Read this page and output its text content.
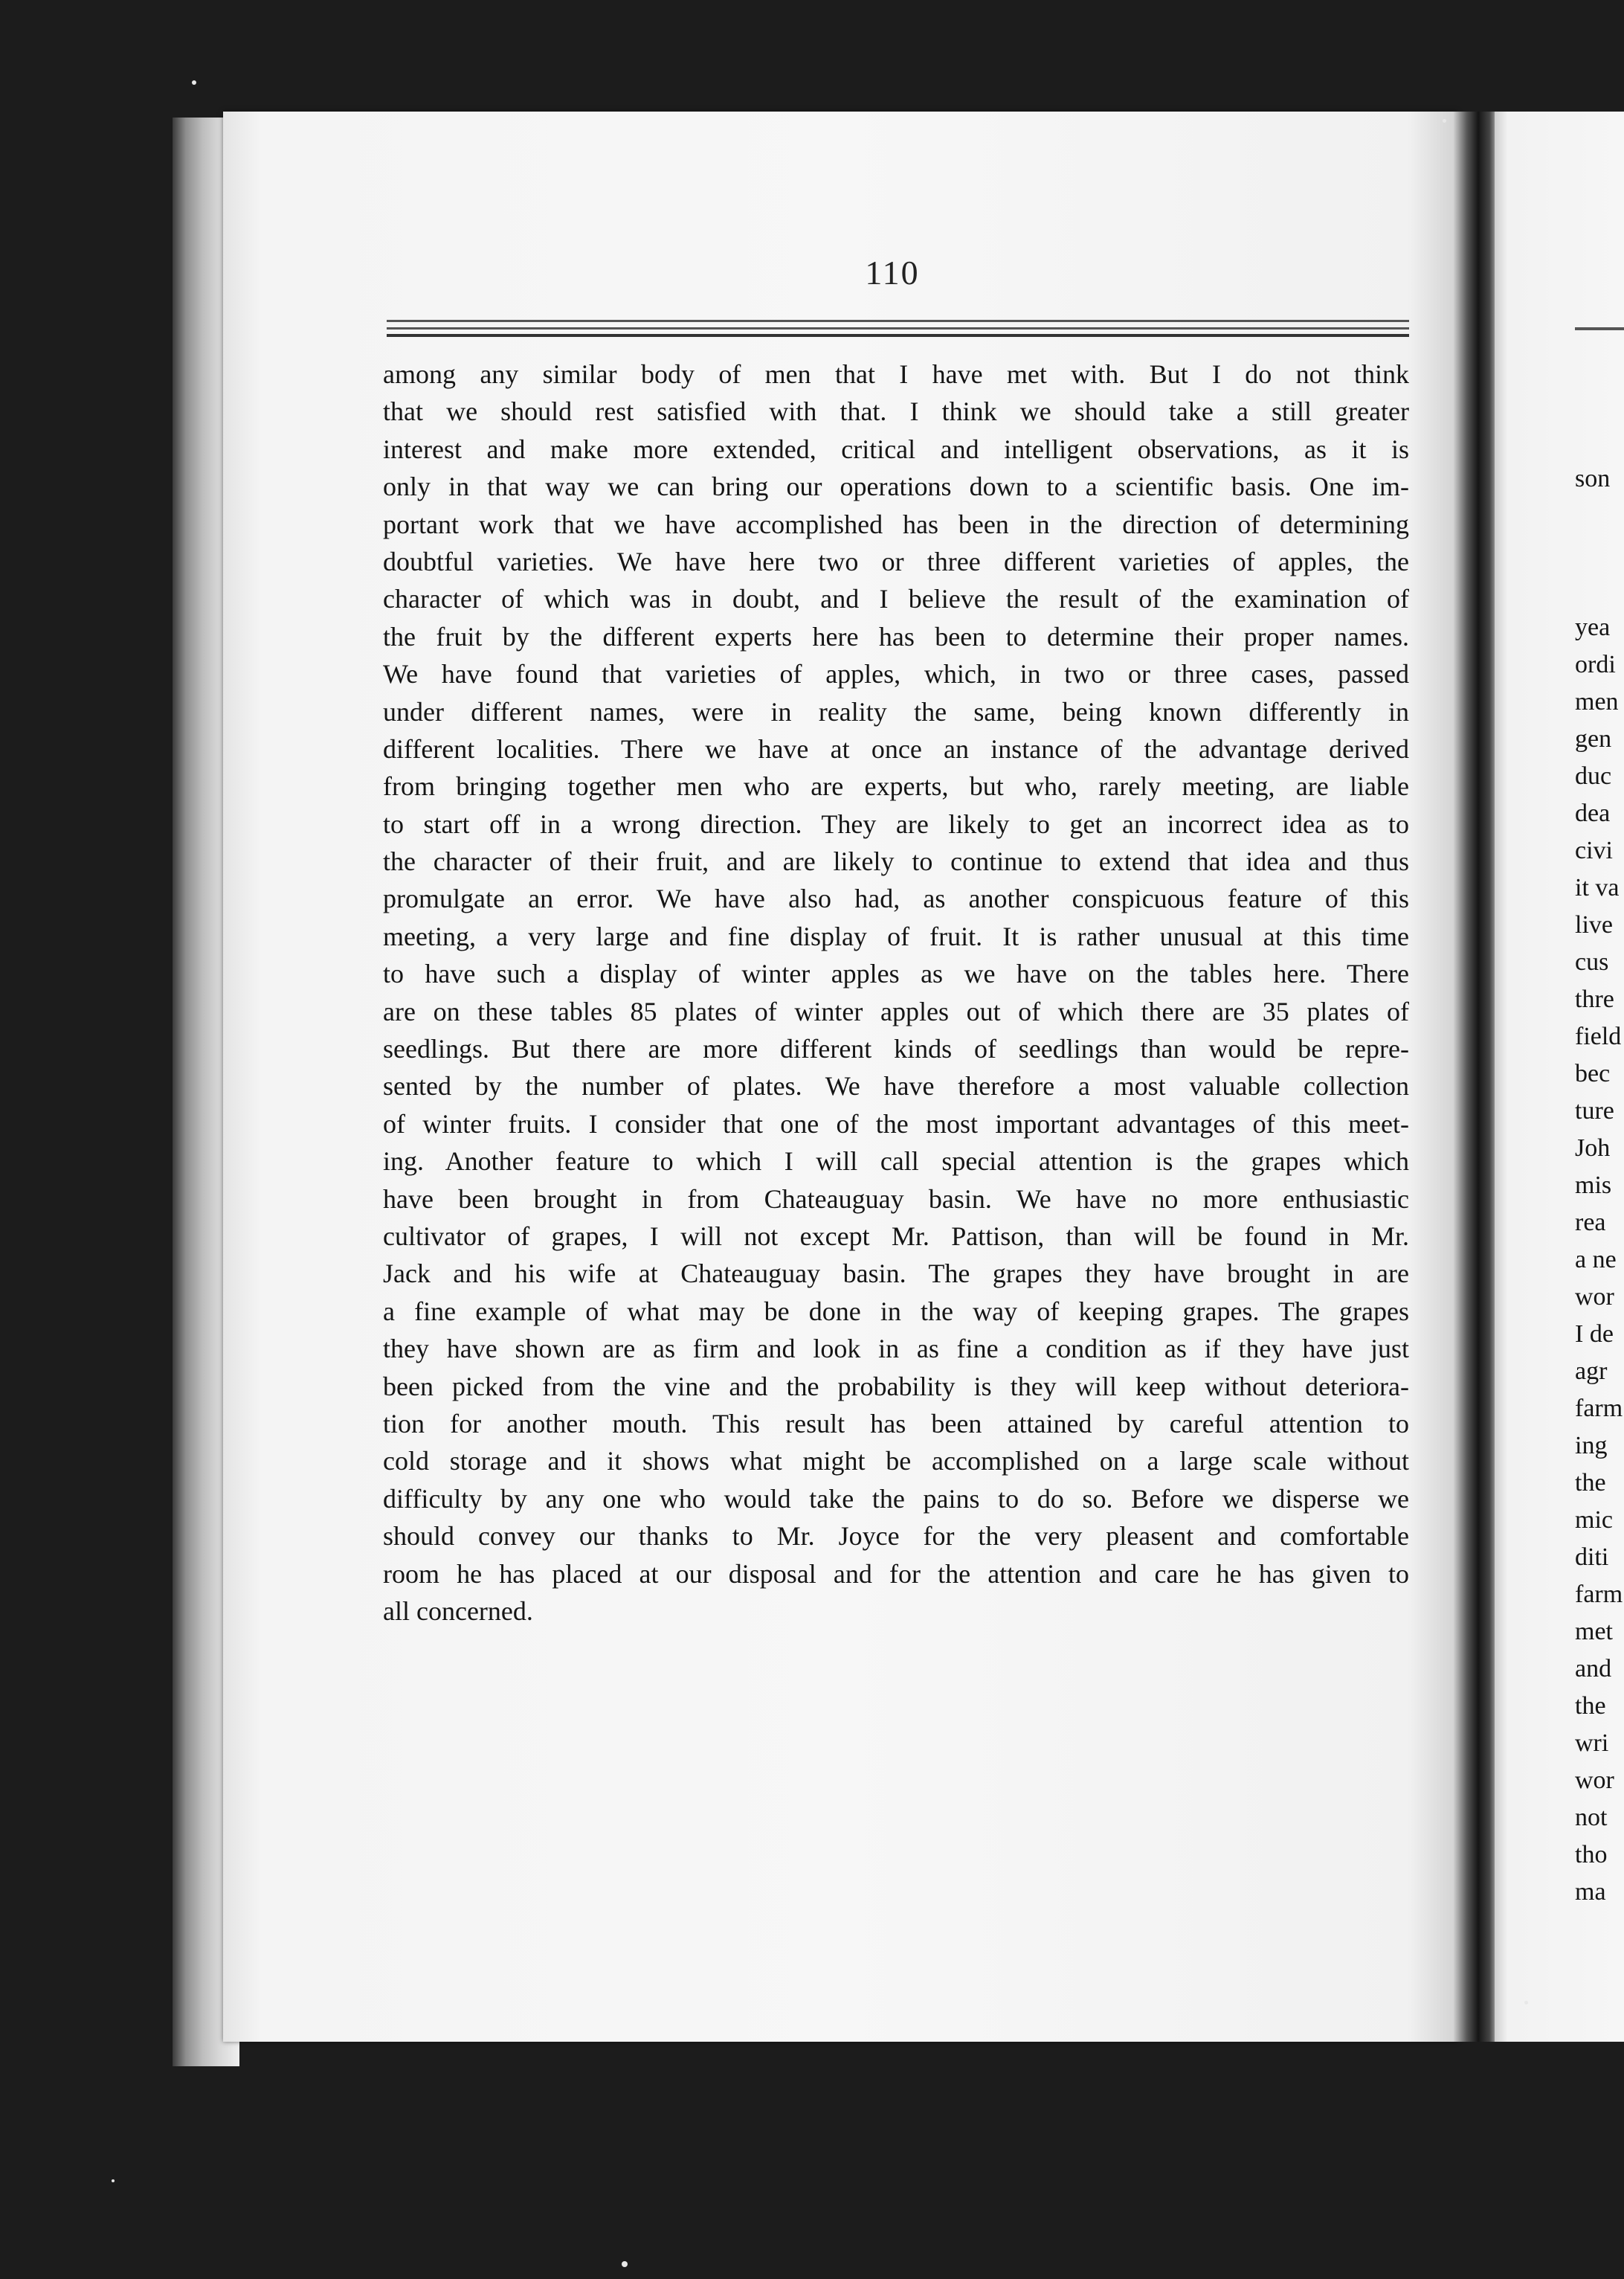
110
among any similar body of men that I have met with. But I do not think
that we should rest satisfied with that. I think we should take a still greater
interest and make more extended, critical and intelligent observations, as it is
only in that way we can bring our operations down to a scientific basis. One im-
portant work that we have accomplished has been in the direction of determining
doubtful varieties. We have here two or three different varieties of apples, the
character of which was in doubt, and I believe the result of the examination of
the fruit by the different experts here has been to determine their proper names.
We have found that varieties of apples, which, in two or three cases, passed
under different names, were in reality the same, being known differently in
different localities. There we have at once an instance of the advantage derived
from bringing together men who are experts, but who, rarely meeting, are liable
to start off in a wrong direction. They are likely to get an incorrect idea as to
the character of their fruit, and are likely to continue to extend that idea and thus
promulgate an error. We have also had, as another conspicuous feature of this
meeting, a very large and fine display of fruit. It is rather unusual at this time
to have such a display of winter apples as we have on the tables here. There
are on these tables 85 plates of winter apples out of which there are 35 plates of
seedlings. But there are more different kinds of seedlings than would be repre-
sented by the number of plates. We have therefore a most valuable collection
of winter fruits. I consider that one of the most important advantages of this meet-
ing. Another feature to which I will call special attention is the grapes which
have been brought in from Chateauguay basin. We have no more enthusiastic
cultivator of grapes, I will not except Mr. Pattison, than will be found in Mr.
Jack and his wife at Chateauguay basin. The grapes they have brought in are
a fine example of what may be done in the way of keeping grapes. The grapes
they have shown are as firm and look in as fine a condition as if they have just
been picked from the vine and the probability is they will keep without deteriora-
tion for another mouth. This result has been attained by careful attention to
cold storage and it shows what might be accomplished on a large scale without
difficulty by any one who would take the pains to do so. Before we disperse we
should convey our thanks to Mr. Joyce for the very pleasent and comfortable
room he has placed at our disposal and for the attention and care he has given to
all concerned.
son
yea
ordi
men
gen
duc
dea
civi
it va
live
cus
thre
field
bec
ture
Joh
mis
rea
a ne
wor
I de
agr
farm
ing
the
mic
diti
farm
met
and
the
wri
wor
not
tho
ma
